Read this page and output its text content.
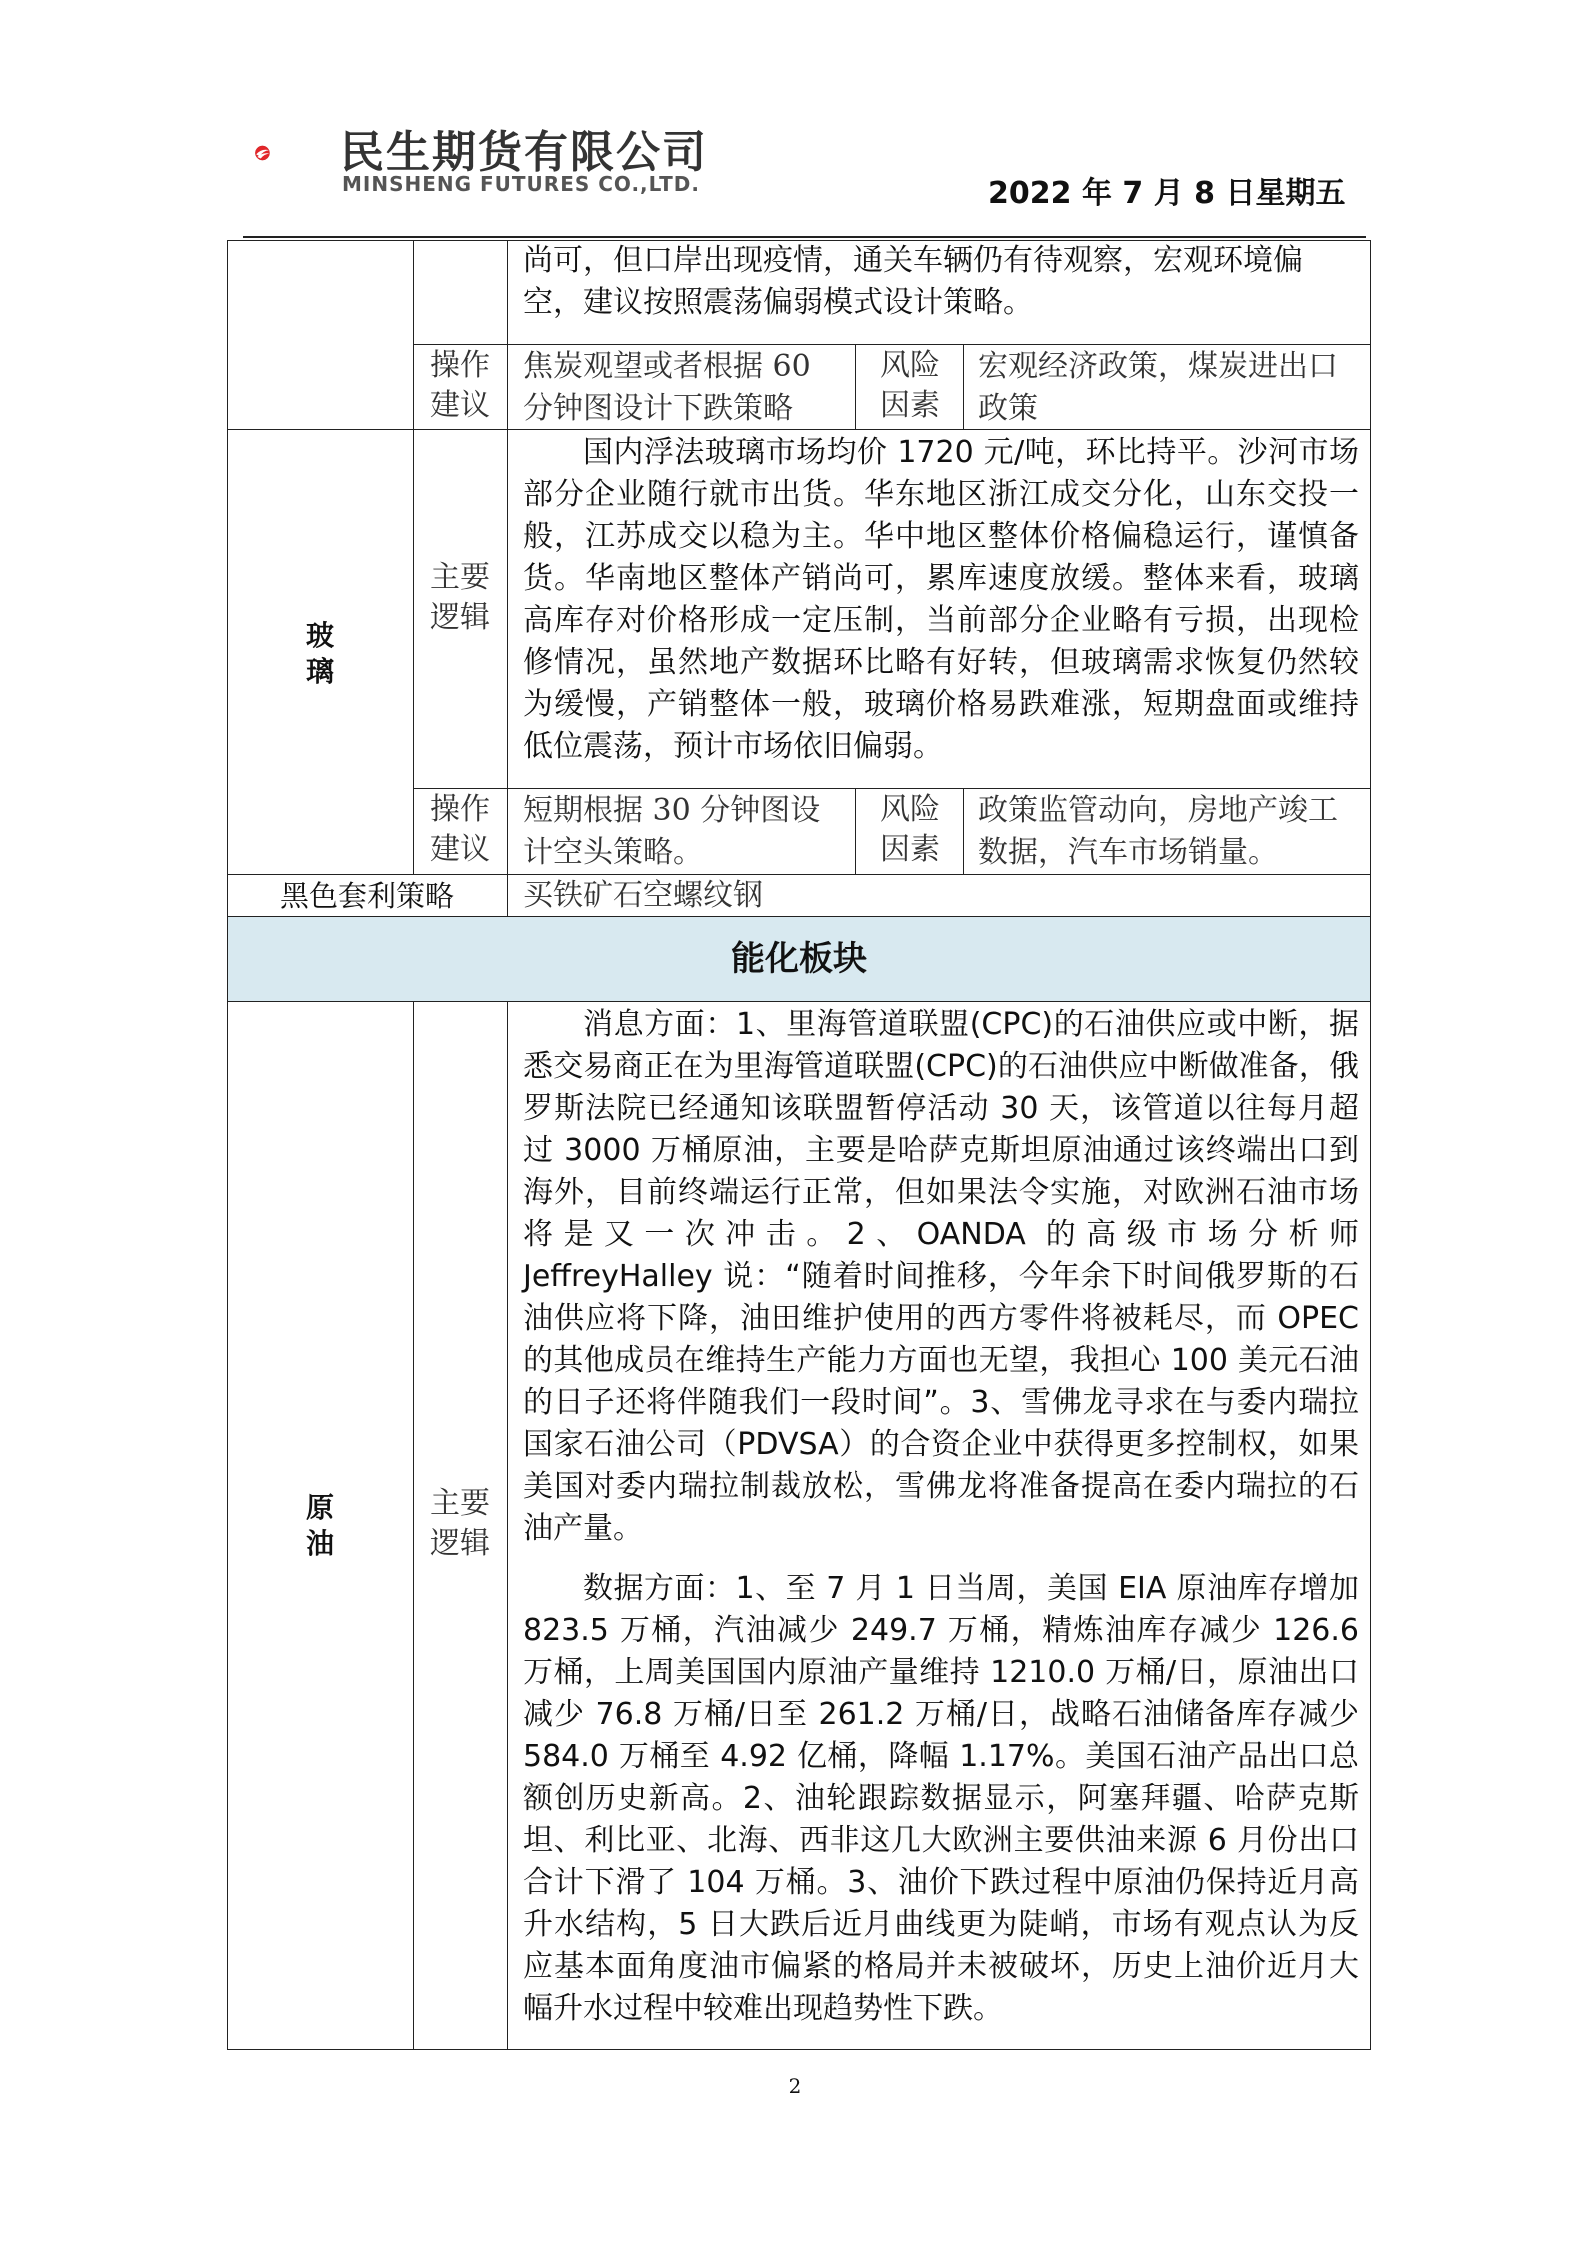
民生期货有限公司
MINSHENG FUTURES CO.,LTD.	2022 年 7 月 8 日星期五
尚可，但口岸出现疫情，通关车辆仍有待观察，宏观环境偏空，建议按照震荡偏弱模式设计策略。
操作建议
焦炭观望或者根据 60 分钟图设计下跌策略
风险因素
宏观经济政策，煤炭进出口政策
玻璃
主要逻辑
国内浮法玻璃市场均价 1720 元/吨，环比持平。沙河市场部分企业随行就市出货。华东地区浙江成交分化，山东交投一般，江苏成交以稳为主。华中地区整体价格偏稳运行，谨慎备货。华南地区整体产销尚可，累库速度放缓。整体来看，玻璃高库存对价格形成一定压制，当前部分企业略有亏损，出现检修情况，虽然地产数据环比略有好转，但玻璃需求恢复仍然较为缓慢，产销整体一般，玻璃价格易跌难涨，短期盘面或维持低位震荡，预计市场依旧偏弱。
操作建议
短期根据 30 分钟图设计空头策略。
风险因素
政策监管动向，房地产竣工数据，汽车市场销量。
黑色套利策略	买铁矿石空螺纹钢
能化板块
原油
主要逻辑
消息方面：1、里海管道联盟(CPC)的石油供应或中断，据悉交易商正在为里海管道联盟(CPC)的石油供应中断做准备，俄罗斯法院已经通知该联盟暂停活动 30 天，该管道以往每月超过 3000 万桶原油，主要是哈萨克斯坦原油通过该终端出口到海外，目前终端运行正常，但如果法令实施，对欧洲石油市场将是又一次冲击。2、OANDA 的高级市场分析师 JeffreyHalley 说：“随着时间推移，今年余下时间俄罗斯的石油供应将下降，油田维护使用的西方零件将被耗尽，而 OPEC 的其他成员在维持生产能力方面也无望，我担心 100 美元石油的日子还将伴随我们一段时间”。3、雪佛龙寻求在与委内瑞拉国家石油公司（PDVSA）的合资企业中获得更多控制权，如果美国对委内瑞拉制裁放松，雪佛龙将准备提高在委内瑞拉的石油产量。
数据方面：1、至 7 月 1 日当周，美国 EIA 原油库存增加 823.5 万桶，汽油减少 249.7 万桶，精炼油库存减少 126.6 万桶，上周美国国内原油产量维持 1210.0 万桶/日，原油出口减少 76.8 万桶/日至 261.2 万桶/日，战略石油储备库存减少 584.0 万桶至 4.92 亿桶，降幅 1.17%。美国石油产品出口总额创历史新高。2、油轮跟踪数据显示，阿塞拜疆、哈萨克斯坦、利比亚、北海、西非这几大欧洲主要供油来源 6 月份出口合计下滑了 104 万桶。3、油价下跌过程中原油仍保持近月高升水结构，5 日大跌后近月曲线更为陡峭，市场有观点认为反应基本面角度油市偏紧的格局并未被破坏，历史上油价近月大幅升水过程中较难出现趋势性下跌。
2
